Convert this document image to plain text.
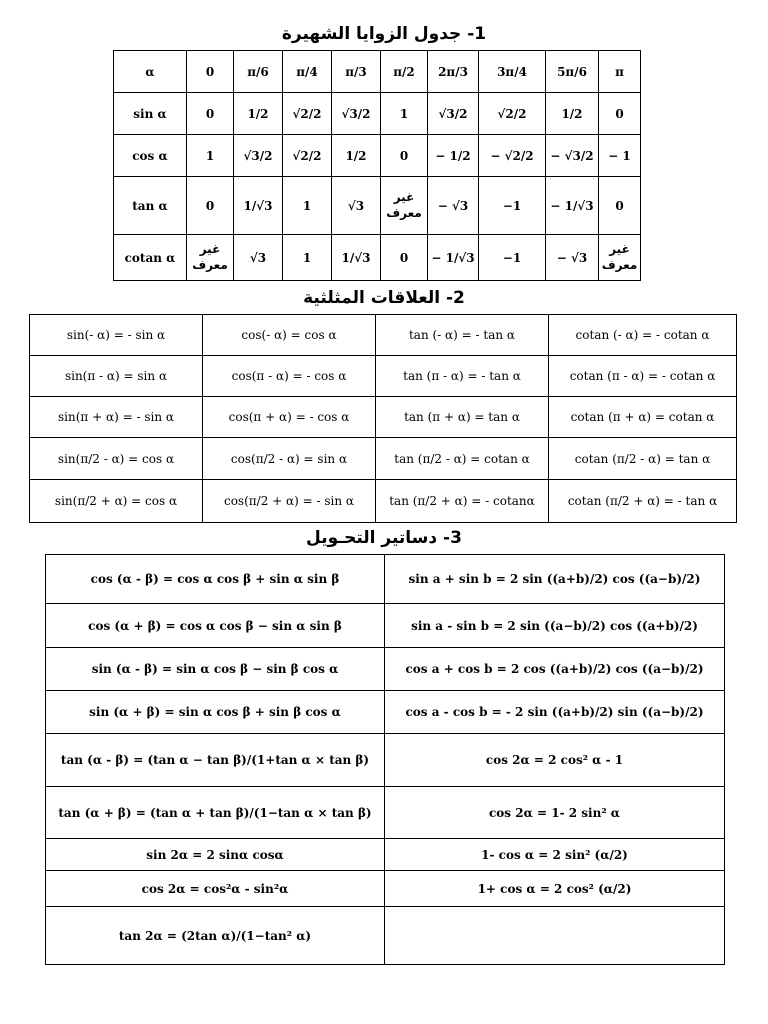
1- جدول الزوايا الشهيرة
α	0	π/6	π/4	π/3	π/2	2π/3	3π/4	5π/6	π
sin α	0	1/2	√2/2	√3/2	1	√3/2	√2/2	1/2	0
cos α	1	√3/2	√2/2	1/2	0	− 1/2	− √2/2	− √3/2	− 1
tan α	0	1/√3	1	√3	غير معرف	− √3	−1	− 1/√3	0
cotan α	غير معرف	√3	1	1/√3	0	− 1/√3	−1	− √3	غير معرف
2- العلاقات المثلثية
sin(- α) = - sin α	cos(- α) = cos α	tan (- α) = - tan α	cotan (- α) = - cotan α
sin(π - α) = sin α	cos(π - α) = - cos α	tan (π - α) = - tan α	cotan (π - α) = - cotan α
sin(π + α) = - sin α	cos(π + α) = - cos α	tan (π + α) = tan α	cotan (π + α) = cotan α
sin(π/2 - α) = cos α	cos(π/2 - α) = sin α	tan (π/2 - α) = cotan α	cotan (π/2 - α) = tan α
sin(π/2 + α) = cos α	cos(π/2 + α) = - sin α	tan (π/2 + α) = - cotanα	cotan (π/2 + α) = - tan α
3- دساتير التحـويل
cos (α - β) = cos α cos β + sin α sin β	sin a + sin b = 2 sin ((a+b)/2) cos ((a−b)/2)
cos (α + β) = cos α cos β − sin α sin β	sin a - sin b = 2 sin ((a−b)/2) cos ((a+b)/2)
sin (α - β) = sin α cos β − sin β cos α	cos a + cos b = 2 cos ((a+b)/2) cos ((a−b)/2)
sin (α + β) = sin α cos β + sin β cos α	cos a - cos b = - 2 sin ((a+b)/2) sin ((a−b)/2)
tan (α - β) = (tan α − tan β)/(1+tan α × tan β)	cos 2α = 2 cos² α - 1
tan (α + β) = (tan α + tan β)/(1−tan α × tan β)	cos 2α = 1- 2 sin² α
sin 2α = 2 sinα cosα	1- cos α = 2 sin² (α/2)
cos 2α = cos²α - sin²α	1+ cos α = 2 cos² (α/2)
tan 2α = (2tan α)/(1−tan² α)	
